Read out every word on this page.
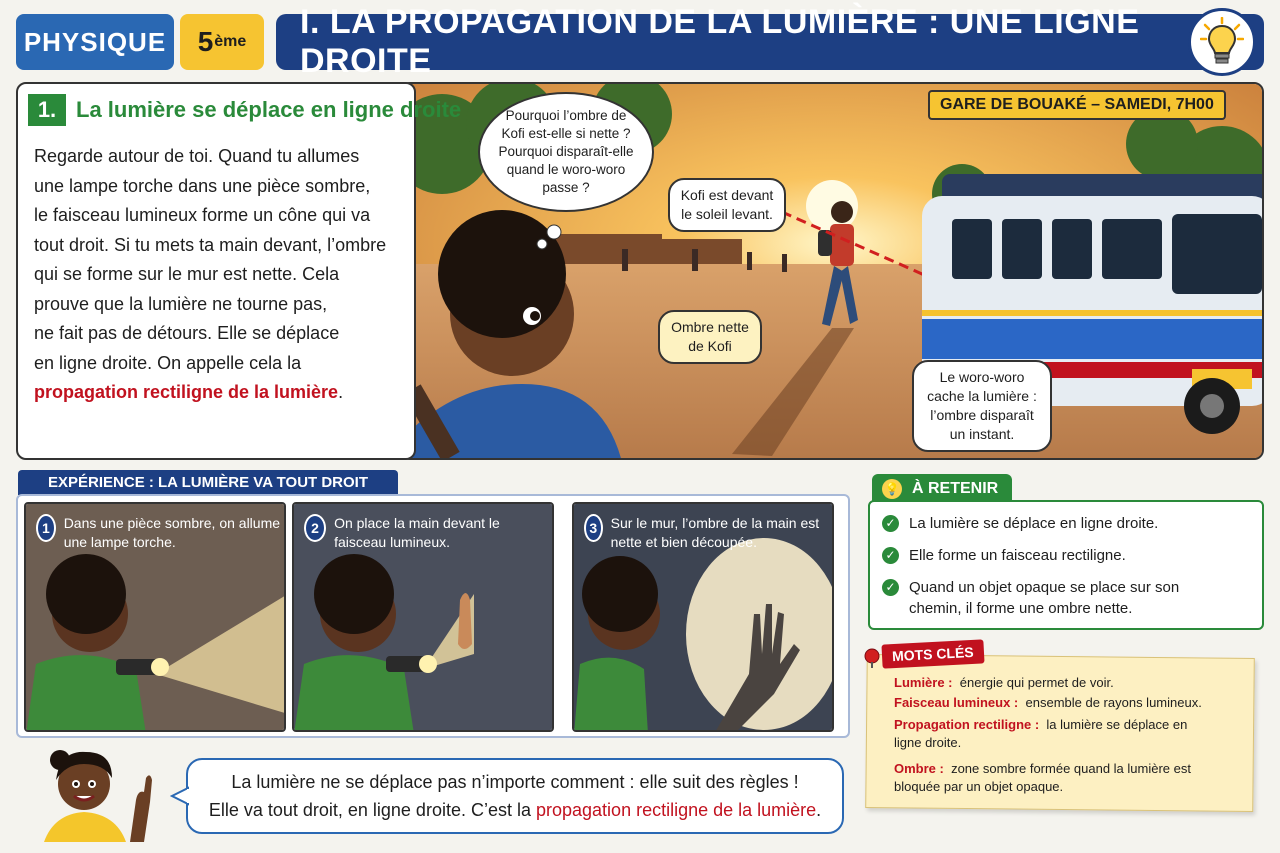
PHYSIQUE 5 ème
I. LA PROPAGATION DE LA LUMIÈRE : UNE LIGNE DROITE
GARE DE BOUAKÉ – SAMEDI, 7H00
Pourquoi l’ombre de Kofi est-elle si nette ? Pourquoi disparaît-elle quand le woro-woro passe ?	Kofi est devant le soleil levant.
Ombre nette de Kofi
Le woro-woro cache la lumière : l’ombre disparaît un instant.
1. La lumière se déplace en ligne droite
Regarde autour de toi. Quand tu allumes
une lampe torche dans une pièce sombre,
le faisceau lumineux forme un cône qui va
tout droit. Si tu mets ta main devant, l’ombre
qui se forme sur le mur est nette. Cela
prouve que la lumière ne tourne pas,
ne fait pas de détours. Elle se déplace
en ligne droite. On appelle cela la
propagation rectiligne de la lumière.
EXPÉRIENCE : LA LUMIÈRE VA TOUT DROIT
1 Dans une pièce sombre, on allume une lampe torche.
2	On place la main devant le faisceau lumineux.
3 Sur le mur, l’ombre de la main est nette et bien découpée.
💡 À RETENIR
✓ La lumière se déplace en ligne droite.
✓ Elle forme un faisceau rectiligne.
✓ Quand un objet opaque se place sur son chemin, il forme une ombre nette.
MOTS CLÉS
Lumière : énergie qui permet de voir.
Faisceau lumineux : ensemble de rayons lumineux.
Propagation rectiligne : la lumière se déplace en ligne droite.
Ombre : zone sombre formée quand la lumière est bloquée par un objet opaque.
La lumière ne se déplace pas n’importe comment : elle suit des règles !
Elle va tout droit, en ligne droite. C’est la propagation rectiligne de la lumière.
